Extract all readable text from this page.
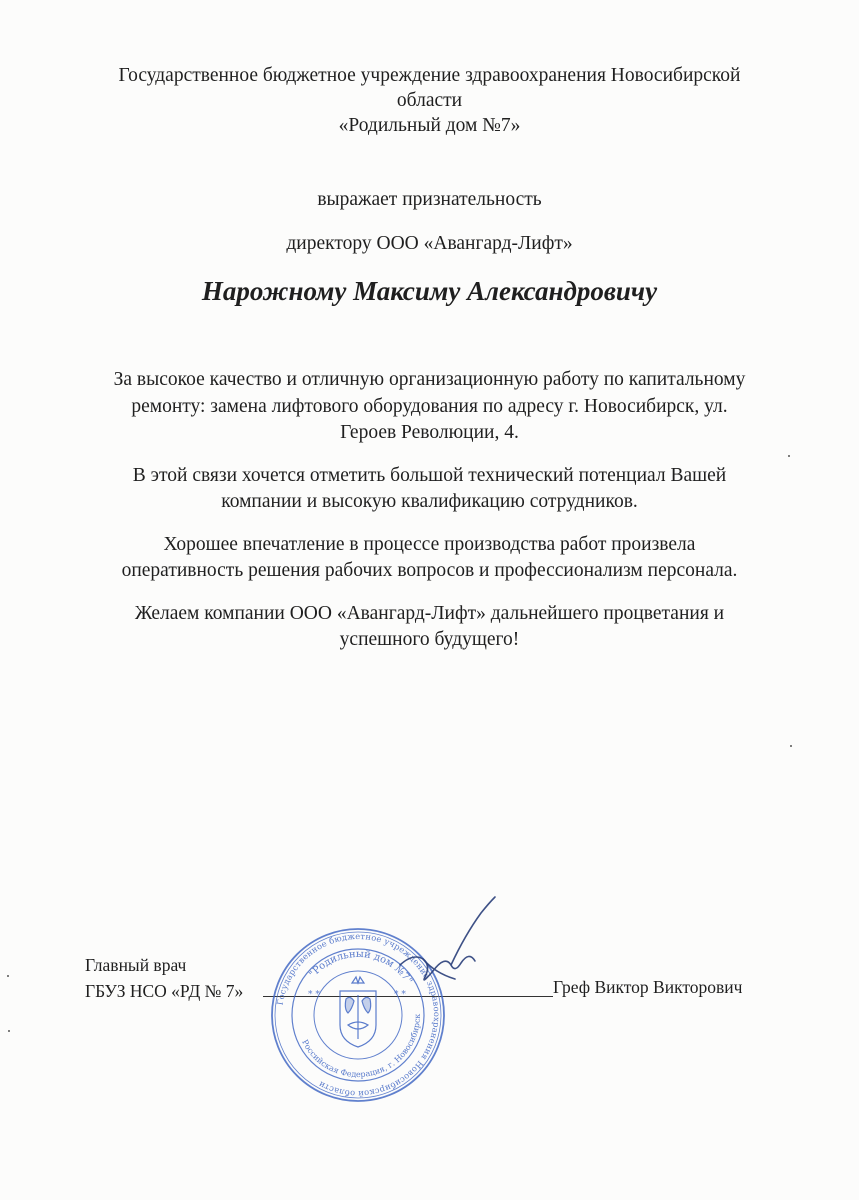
Государственное бюджетное учреждение здравоохранения Новосибирской
области
«Родильный дом №7»
выражает признательность
директору ООО «Авангард-Лифт»
Нарожному Максиму Александровичу

За высокое качество и отличную организационную работу по капитальному
ремонту: замена лифтового оборудования по адресу г. Новосибирск, ул.
Героев Революции, 4.

В этой связи хочется отметить большой технический потенциал Вашей
компании и высокую квалификацию сотрудников.

Хорошее впечатление в процессе производства работ произвела
оперативность решения рабочих вопросов и профессионализм персонала.

Желаем компании ООО «Авангард-Лифт» дальнейшего процветания и
успешного будущего!

Главный врач
ГБУЗ НСО «РД № 7»	Греф Виктор Викторович
Государственное бюджетное учреждение здравоохранения Новосибирской области
"Родильный дом №7"
Российская Федерация, г. Новосибирск
* *	* *
